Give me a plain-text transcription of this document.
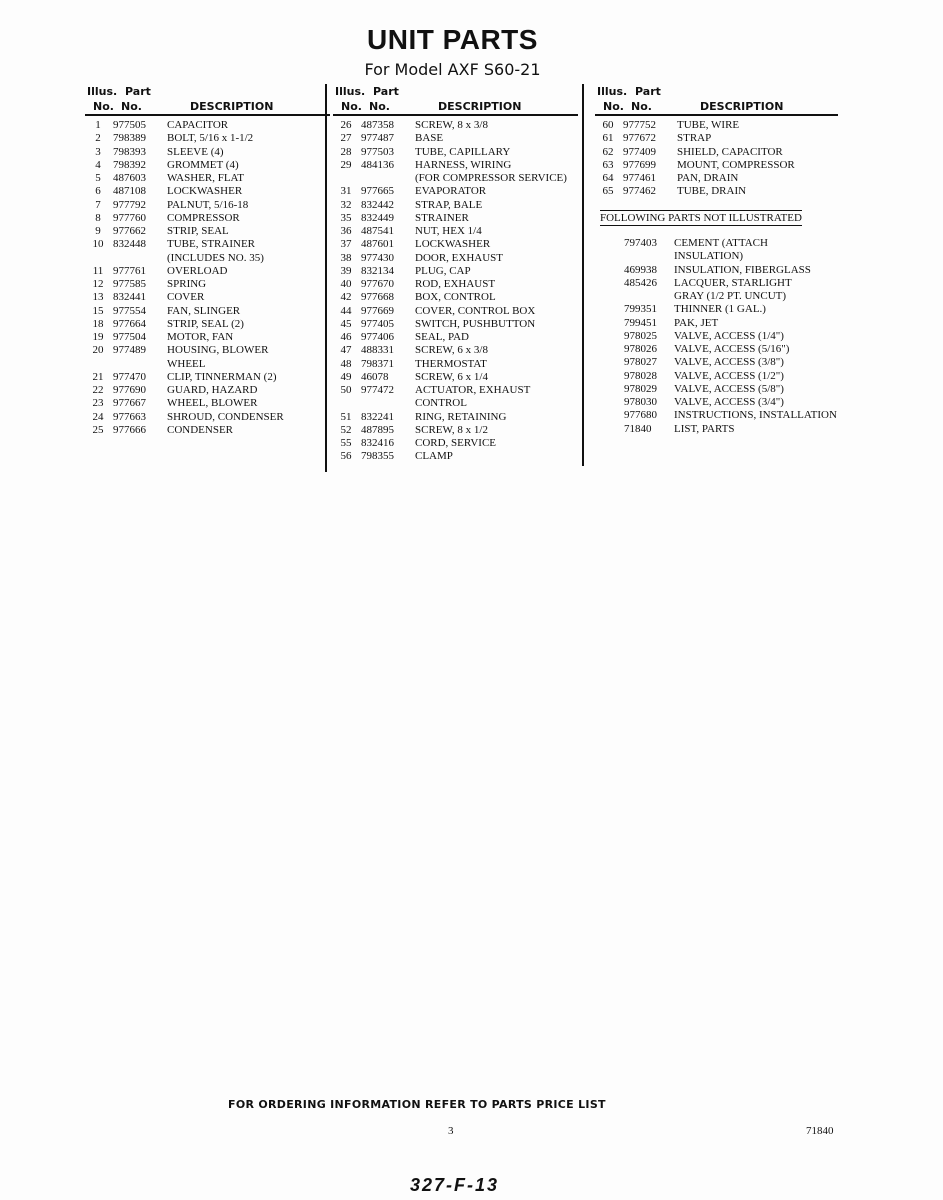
UNIT PARTS
For Model AXF S60-21
Illus. Part
No. No.	DESCRIPTION
1	977505 CAPACITOR
2	798389 BOLT, 5/16 x 1-1/2
3	798393 SLEEVE (4)
4	798392 GROMMET (4)
5	487603 WASHER, FLAT
6	487108 LOCKWASHER
7	977792 PALNUT, 5/16-18
8	977760 COMPRESSOR
9	977662 STRIP, SEAL
10 832448 TUBE, STRAINER
(INCLUDES NO. 35)
11 977761 OVERLOAD
12 977585 SPRING
13 832441 COVER
15 977554 FAN, SLINGER
18 977664 STRIP, SEAL (2)
19 977504 MOTOR, FAN
20 977489 HOUSING, BLOWER
WHEEL
21 977470 CLIP, TINNERMAN (2)
22 977690 GUARD, HAZARD
23 977667 WHEEL, BLOWER
24 977663 SHROUD, CONDENSER
25 977666 CONDENSER
Illus. Part
No. No.	DESCRIPTION
26 487358 SCREW, 8 x 3/8
27 977487 BASE
28 977503 TUBE, CAPILLARY
29 484136 HARNESS, WIRING
(FOR COMPRESSOR SERVICE)
31 977665 EVAPORATOR
32 832442 STRAP, BALE
35 832449 STRAINER
36 487541 NUT, HEX 1/4
37 487601 LOCKWASHER
38 977430 DOOR, EXHAUST
39 832134 PLUG, CAP
40 977670 ROD, EXHAUST
42 977668 BOX, CONTROL
44 977669 COVER, CONTROL BOX
45 977405 SWITCH, PUSHBUTTON
46 977406 SEAL, PAD
47 488331 SCREW, 6 x 3/8
48 798371 THERMOSTAT
49 46078 SCREW, 6 x 1/4
50 977472 ACTUATOR, EXHAUST
CONTROL
51 832241 RING, RETAINING
52 487895 SCREW, 8 x 1/2
55 832416 CORD, SERVICE
56 798355 CLAMP
Illus. Part
No. No.	DESCRIPTION
60 977752 TUBE, WIRE
61 977672 STRAP
62 977409 SHIELD, CAPACITOR
63 977699 MOUNT, COMPRESSOR
64 977461 PAN, DRAIN
65 977462 TUBE, DRAIN
FOLLOWING PARTS NOT ILLUSTRATED
797403 CEMENT (ATTACH
INSULATION)
469938 INSULATION, FIBERGLASS
485426 LACQUER, STARLIGHT
GRAY (1/2 PT. UNCUT)
799351 THINNER (1 GAL.)
799451 PAK, JET
978025 VALVE, ACCESS (1/4")
978026 VALVE, ACCESS (5/16")
978027 VALVE, ACCESS (3/8")
978028 VALVE, ACCESS (1/2")
978029 VALVE, ACCESS (5/8")
978030 VALVE, ACCESS (3/4")
977680 INSTRUCTIONS, INSTALLATION
71840 LIST, PARTS
FOR ORDERING INFORMATION REFER TO PARTS PRICE LIST
3	71840
327-F-13
